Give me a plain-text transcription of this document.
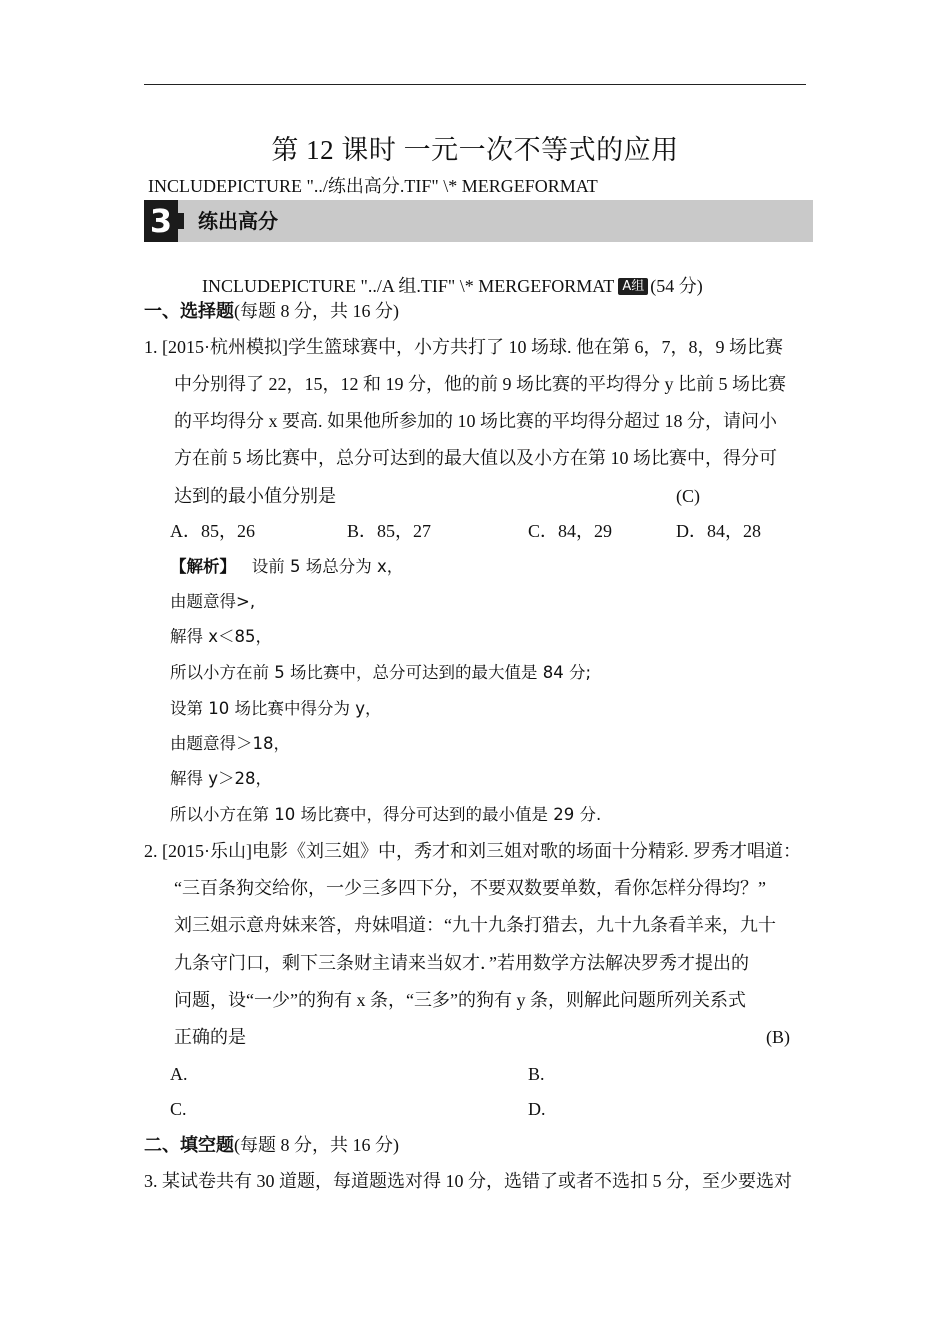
第 12 课时 一元一次不等式的应用
INCLUDEPICTURE "../练出高分.TIF" \* MERGEFORMAT
3 练出高分
INCLUDEPICTURE "../A 组.TIF" \* MERGEFORMAT A组 (54 分)
一、选择题(每题 8 分，共 16 分)
1. [2015·杭州模拟]学生篮球赛中，小方共打了 10 场球. 他在第 6，7，8，9 场比赛
中分别得了 22，15，12 和 19 分，他的前 9 场比赛的平均得分 y 比前 5 场比赛
的平均得分 x 要高. 如果他所参加的 10 场比赛的平均得分超过 18 分，请问小
方在前 5 场比赛中，总分可达到的最大值以及小方在第 10 场比赛中，得分可
达到的最小值分别是	(C)
A．85，26	B．85，27	C．84，29	D．84，28
【解析】 设前 5 场总分为 x，
由题意得>,
解得 x＜85，
所以小方在前 5 场比赛中，总分可达到的最大值是 84 分;
设第 10 场比赛中得分为 y，
由题意得＞18，
解得 y＞28，
所以小方在第 10 场比赛中，得分可达到的最小值是 29 分.
2. [2015·乐山]电影《刘三姐》中，秀才和刘三姐对歌的场面十分精彩. 罗秀才唱道：
“三百条狗交给你，一少三多四下分，不要双数要单数，看你怎样分得均？”
刘三姐示意舟妹来答，舟妹唱道：“九十九条打猎去，九十九条看羊来，九十
九条守门口，剩下三条财主请来当奴才．”若用数学方法解决罗秀才提出的
问题，设“一少”的狗有 x 条，“三多”的狗有 y 条，则解此问题所列关系式
正确的是	(B)
A.	B.
C.	D.
二、填空题(每题 8 分，共 16 分)
3. 某试卷共有 30 道题，每道题选对得 10 分，选错了或者不选扣 5 分，至少要选对
